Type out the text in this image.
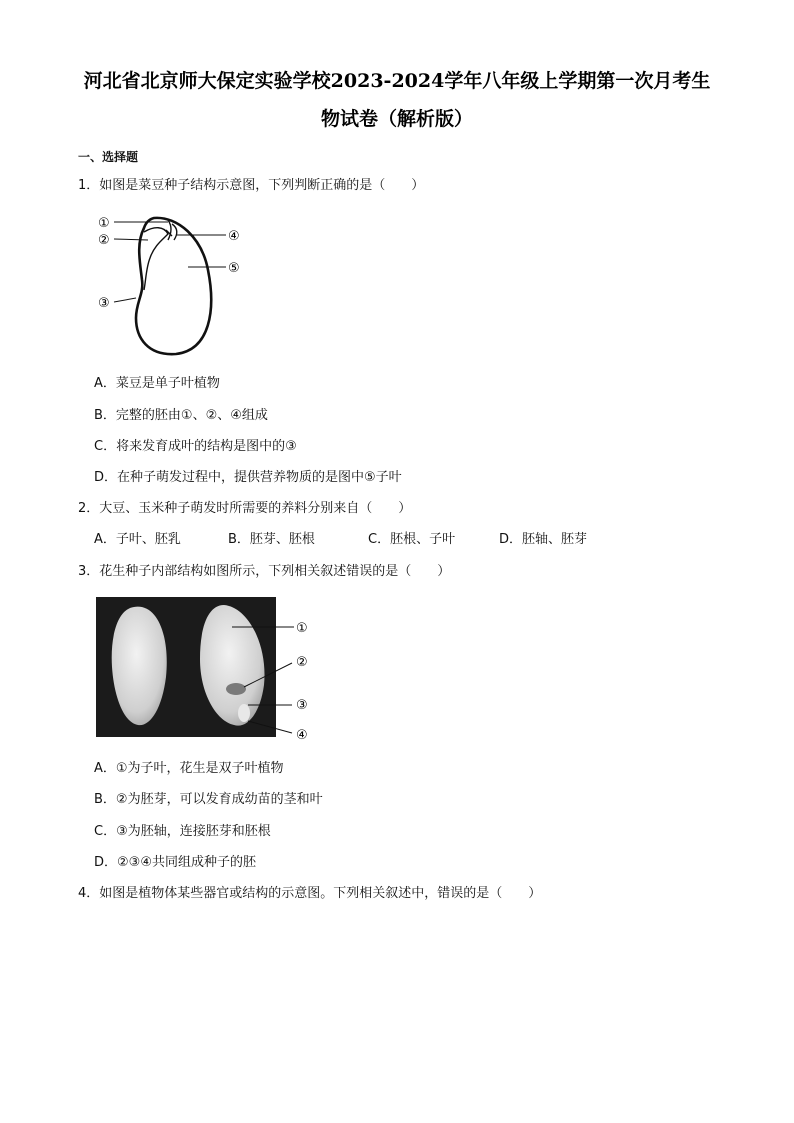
河北省北京师大保定实验学校2023-2024学年八年级上学期第一次月考生
物试卷（解析版）
一、选择题
1．如图是菜豆种子结构示意图，下列判断正确的是（　　）
①
②
③
④
⑤
A．菜豆是单子叶植物
B．完整的胚由①、②、④组成
C．将来发育成叶的结构是图中的③
D．在种子萌发过程中，提供营养物质的是图中⑤子叶
2．大豆、玉米种子萌发时所需要的养料分别来自（　　）
A．子叶、胚乳	B．胚芽、胚根	C．胚根、子叶	D．胚轴、胚芽
3．花生种子内部结构如图所示，下列相关叙述错误的是（　　）
①
②
③
④
A．①为子叶，花生是双子叶植物
B．②为胚芽，可以发育成幼苗的茎和叶
C．③为胚轴，连接胚芽和胚根
D．②③④共同组成种子的胚
4．如图是植物体某些器官或结构的示意图。下列相关叙述中，错误的是（　　）
